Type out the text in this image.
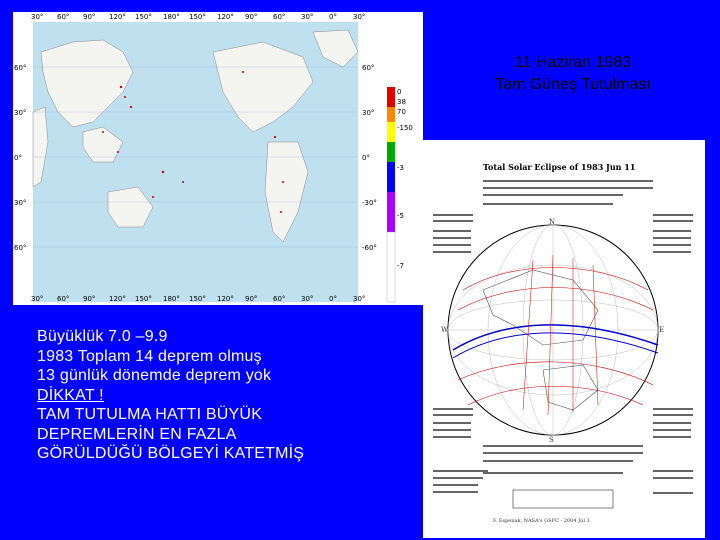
30° 60° 90° 120° 150° 180° 150° 120° 90° 60° 30° 0° 30°
30° 60° 90° 120° 150° 180° 150° 120° 90° 60° 30° 0° 30°
60°
30°
0°
30°
60°
60°
30°
0°
-30°
-60°
0
38
70
-150
-3
-5
-7
11 Haziran 1983
Tam Güneş Tutulması
Total Solar Eclipse of 1983 Jun 11
N
S
W	E
F. Espenak, NASA's GSFC - 2004 Jul 3
Büyüklük 7.0 –9.9
1983 Toplam 14 deprem olmuş
13 günlük dönemde deprem yok
DİKKAT !
TAM TUTULMA HATTI BÜYÜK
DEPREMLERİN EN FAZLA
GÖRÜLDÜĞÜ BÖLGEYİ KATETMİŞ
